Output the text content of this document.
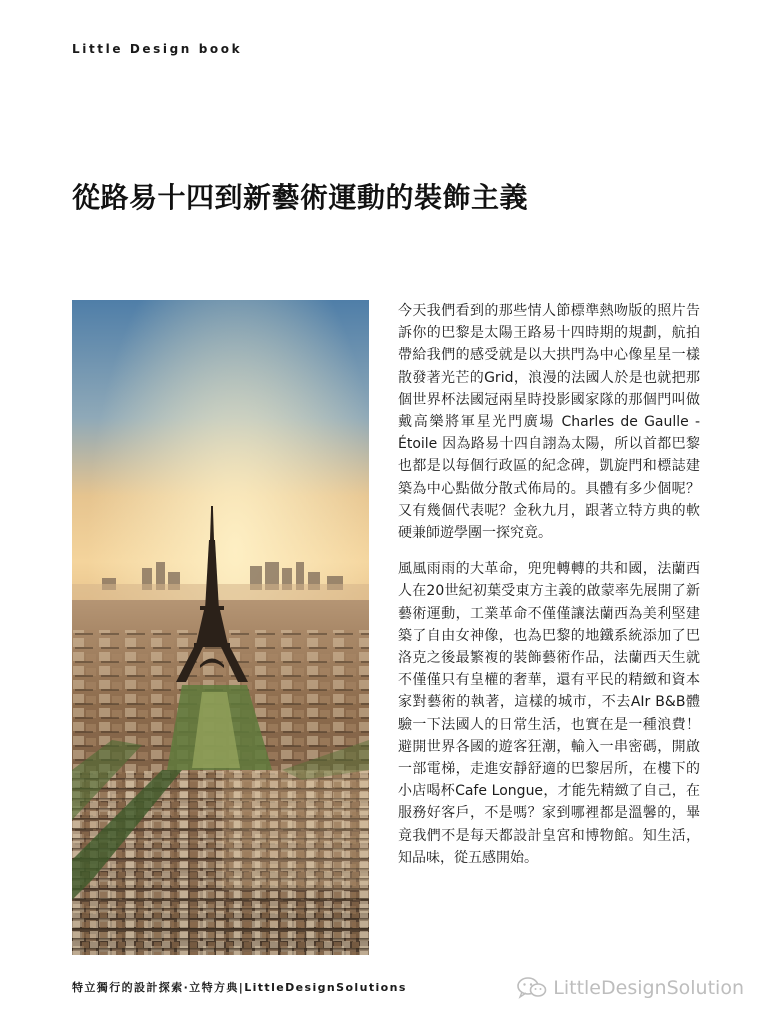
Little Design book
從路易十四到新藝術運動的裝飾主義

今天我們看到的那些情人節標準熱吻版的照片告訴你的巴黎是太陽王路易十四時期的規劃，航拍帶給我們的感受就是以大拱門為中心像星星一樣散發著光芒的Grid，浪漫的法國人於是也就把那個世界杯法國冠兩星時投影國家隊的那個門叫做戴高樂將軍星光門廣場 Charles de Gaulle - Étoile 因為路易十四自詡為太陽，所以首都巴黎也都是以每個行政區的紀念碑，凱旋門和標誌建築為中心點做分散式佈局的。具體有多少個呢？又有幾個代表呢？金秋九月，跟著立特方典的軟硬兼師遊學團一探究竟。

風風雨雨的大革命，兜兜轉轉的共和國，法蘭西人在20世紀初葉受東方主義的啟蒙率先展開了新藝術運動，工業革命不僅僅讓法蘭西為美利堅建築了自由女神像，也為巴黎的地鐵系統添加了巴洛克之後最繁複的裝飾藝術作品，法蘭西天生就不僅僅只有皇權的奢華，還有平民的精緻和資本家對藝術的執著，這樣的城市，不去AIr B&B體驗一下法國人的日常生活，也實在是一種浪費！避開世界各國的遊客狂潮，輸入一串密碼，開啟一部電梯，走進安靜舒適的巴黎居所，在樓下的小店喝杯Cafe Longue，才能先精緻了自己，在服務好客戶，不是嗎？家到哪裡都是溫馨的，畢竟我們不是每天都設計皇宮和博物館。知生活，知品味，從五感開始。

特立獨行的設計探索·立特方典|LittleDesignSolutions	LittleDesignSolution
